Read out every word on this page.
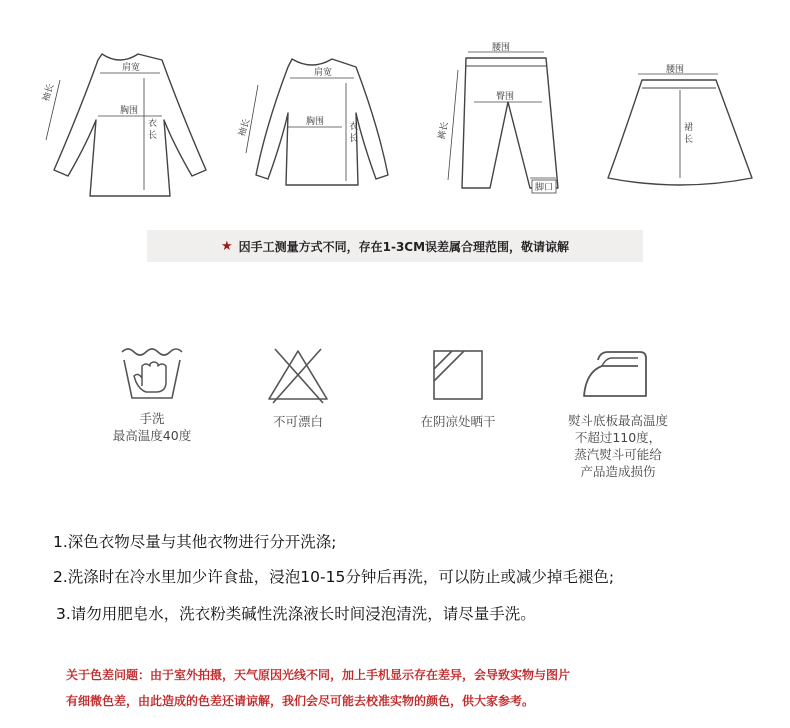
肩宽
胸围
衣
长
袖长
肩宽
胸围	衣
长
袖长
腰围
臀围
裤长
脚口
腰围
裙
长
★ 因手工测量方式不同，存在1-3CM误差属合理范围，敬请谅解
手洗
最高温度40度
不可漂白	在阴凉处晒干	熨斗底板最高温度
不超过110度，
蒸汽熨斗可能给
产品造成损伤
1.深色衣物尽量与其他衣物进行分开洗涤;
2.洗涤时在冷水里加少许食盐，浸泡10-15分钟后再洗，可以防止或减少掉毛褪色;
3.请勿用肥皂水，洗衣粉类碱性洗涤液长时间浸泡清洗，请尽量手洗。
关于色差问题：由于室外拍摄，天气原因光线不同，加上手机显示存在差异，会导致实物与图片
有细微色差，由此造成的色差还请谅解，我们会尽可能去校准实物的颜色，供大家参考。
